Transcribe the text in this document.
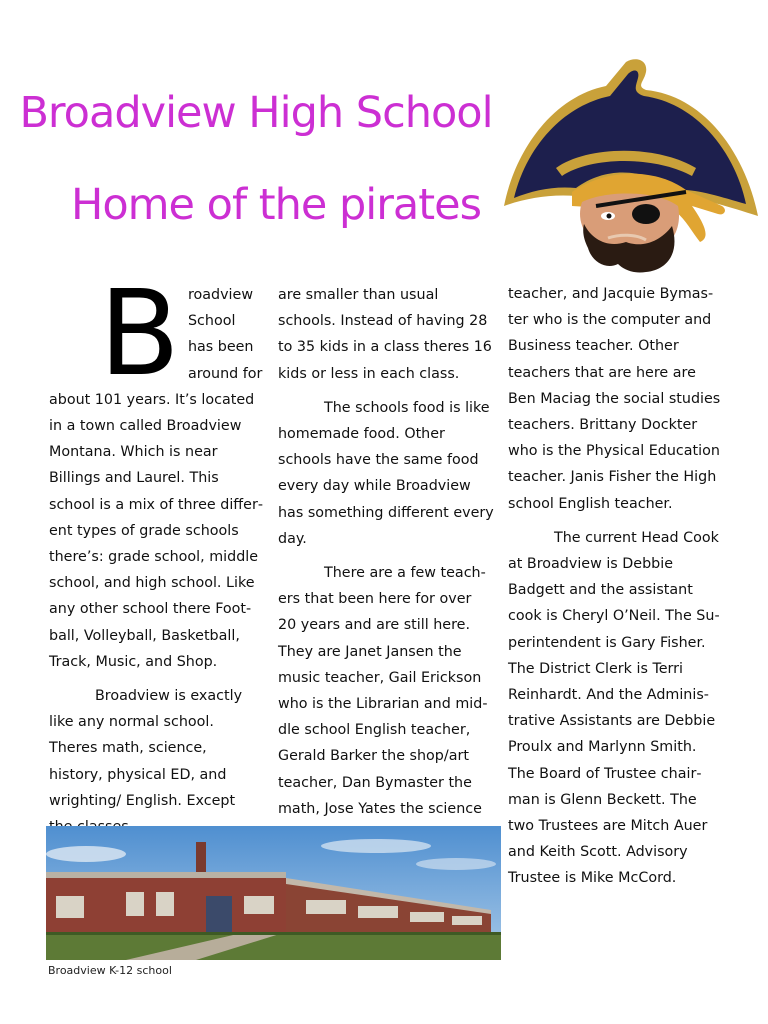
Broadview High School
Home of the pirates
B roadview School has been around for about 101 years. It’s located in a town called Broadview Montana. Which is near Billings and Laurel. This school is a mix of three different types of grade schools there’s: grade school, middle school, and high school. Like any other school there Football, Volleyball, Basketball, Track, Music, and Shop.

Broadview is exactly like any normal school. Theres math, science, history, physical ED, and wrighting/ English. Except

are smaller than usual schools. Instead of having 28 to 35 kids in a class theres 16 kids or less in each class.

The schools food is like homemade food. Other schools have the same food every day while Broadview has something different every day.

There are a few teachers that been here for over 20 years and are still here. They are Janet Jansen the music teacher, Gail Erickson who is the Librarian and middle school English teacher, Gerald Barker the shop/art teacher, Dan Bymaster the math, Jose Yates the science

teacher, and Jacquie Bymaster who is the computer and Business teacher. Other teachers that are here are Ben Maciag the social studies teachers. Brittany Dockter who is the Physical Education teacher. Janis Fisher the High school English teacher.

The current Head Cook at Broadview is Debbie Badgett and the assistant cook is Cheryl O’Neil. The Superintendent is Gary Fisher. The District Clerk is Terri Reinhardt. And the Administrative Assistants are Debbie Proulx and Marlynn Smith. The Board of Trustee chairman is Glenn Beckett. The two Trustees are Mitch Auer and Keith Scott. Advisory Trustee is Mike McCord.

Broadview K-12 school
